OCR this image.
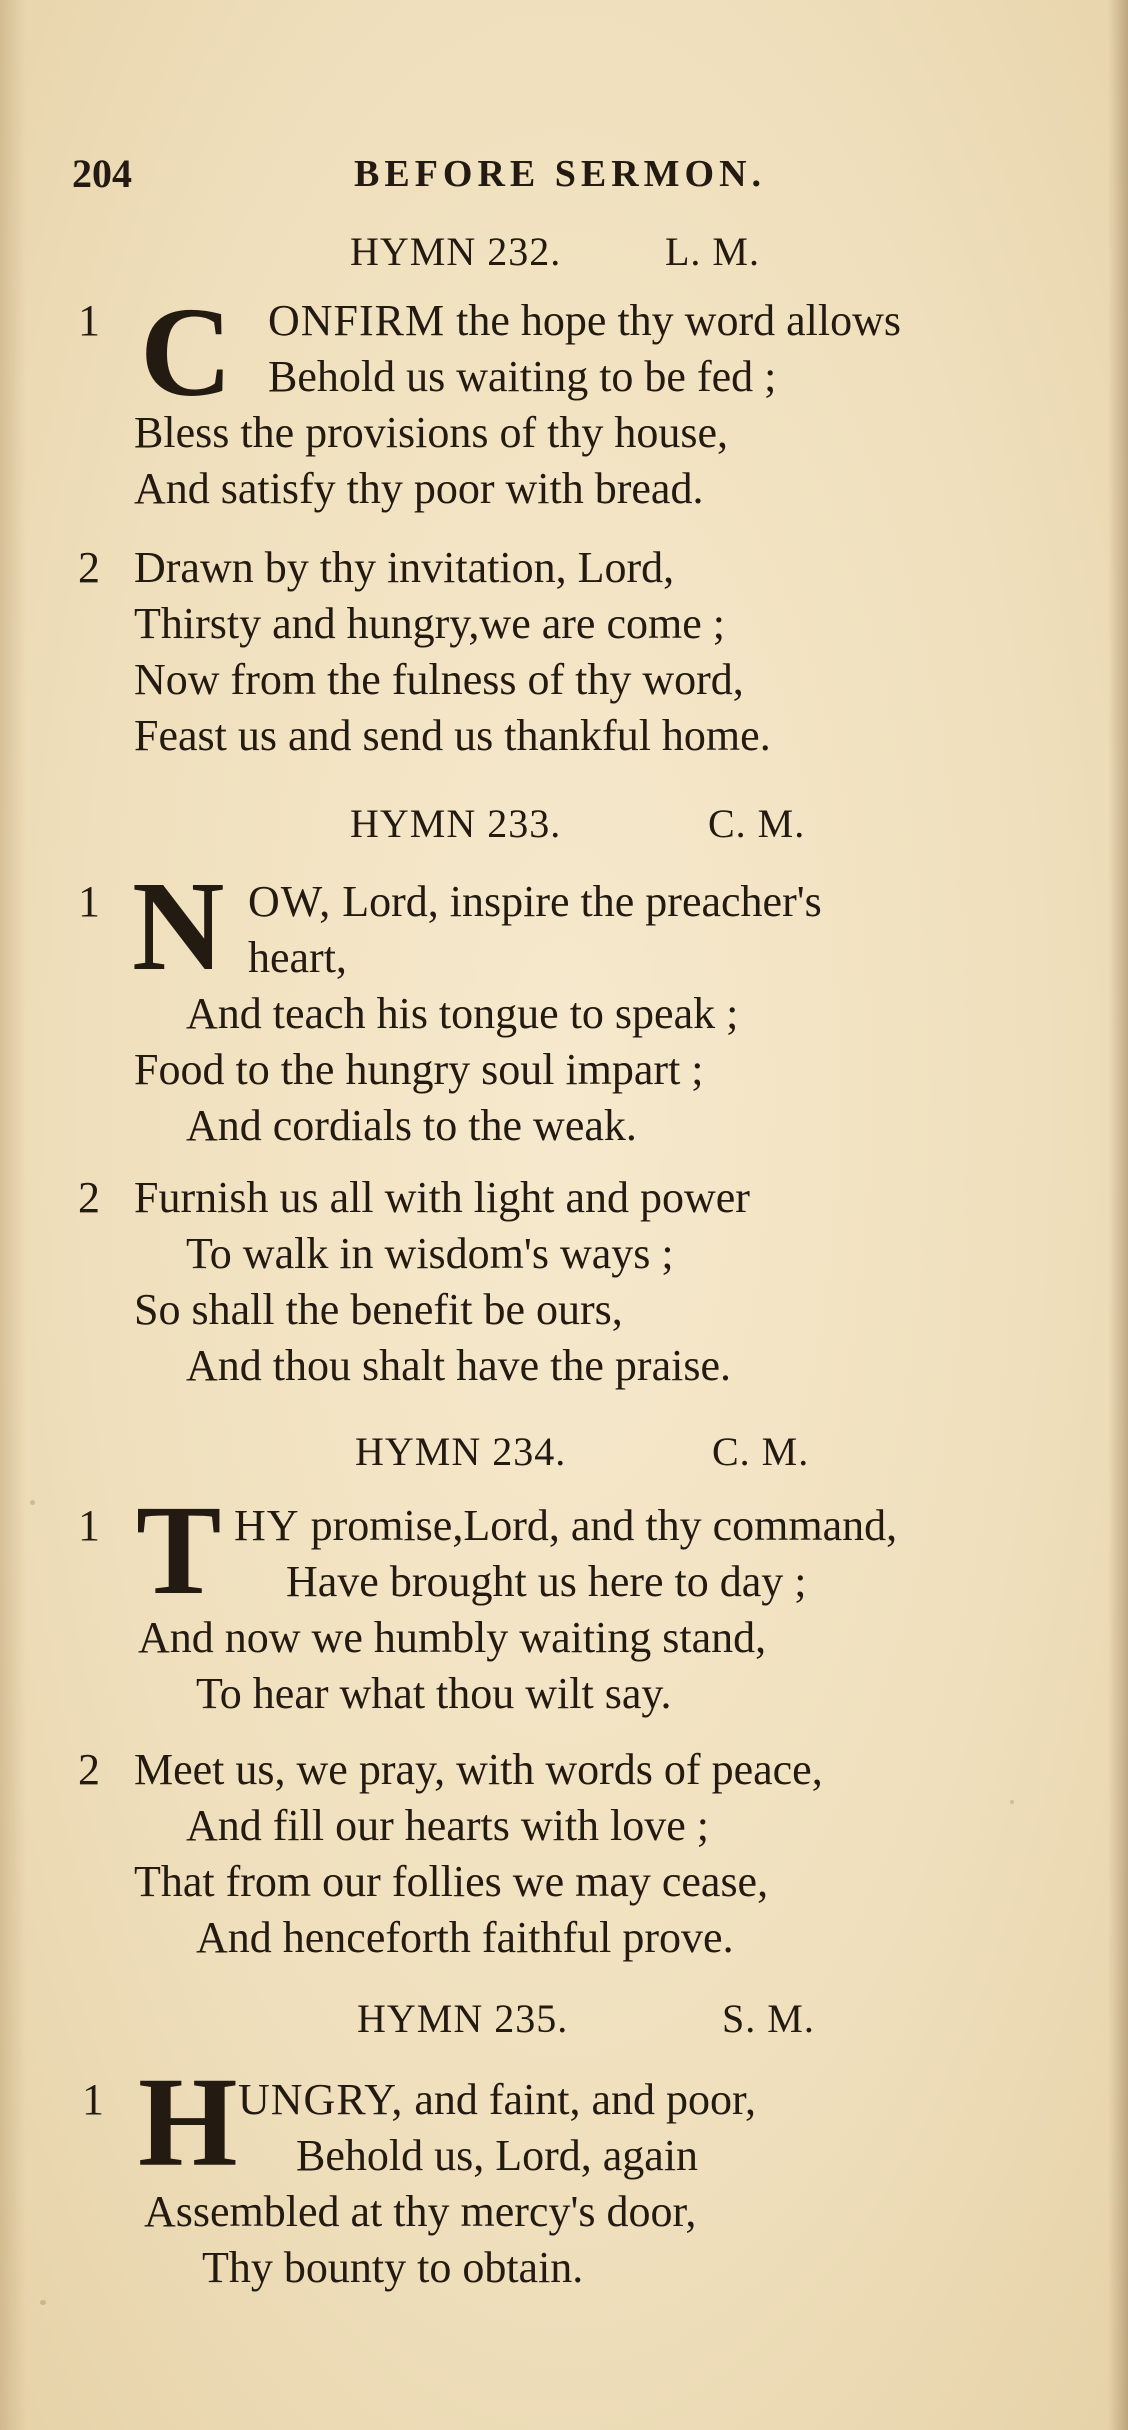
204	BEFORE SERMON.
HYMN 232.	L. M.
1 C ONFIRM the hope thy word allows
Behold us waiting to be fed ;
Bless the provisions of thy house,
And satisfy thy poor with bread.
2 Drawn by thy invitation, Lord,
Thirsty and hungry,we are come ;
Now from the fulness of thy word,
Feast us and send us thankful home.
HYMN 233.	C. M.
1 N OW, Lord, inspire the preacher's
heart,
And teach his tongue to speak ;
Food to the hungry soul impart ;
And cordials to the weak.
2 Furnish us all with light and power
To walk in wisdom's ways ;
So shall the benefit be ours,
And thou shalt have the praise.
HYMN 234.	C. M.
1 T HY promise,Lord, and thy command,
Have brought us here to day ;
And now we humbly waiting stand,
To hear what thou wilt say.
2 Meet us, we pray, with words of peace,
And fill our hearts with love ;
That from our follies we may cease,
And henceforth faithful prove.
HYMN 235.	S. M.
1 H UNGRY, and faint, and poor,
Behold us, Lord, again
Assembled at thy mercy's door,
Thy bounty to obtain.
